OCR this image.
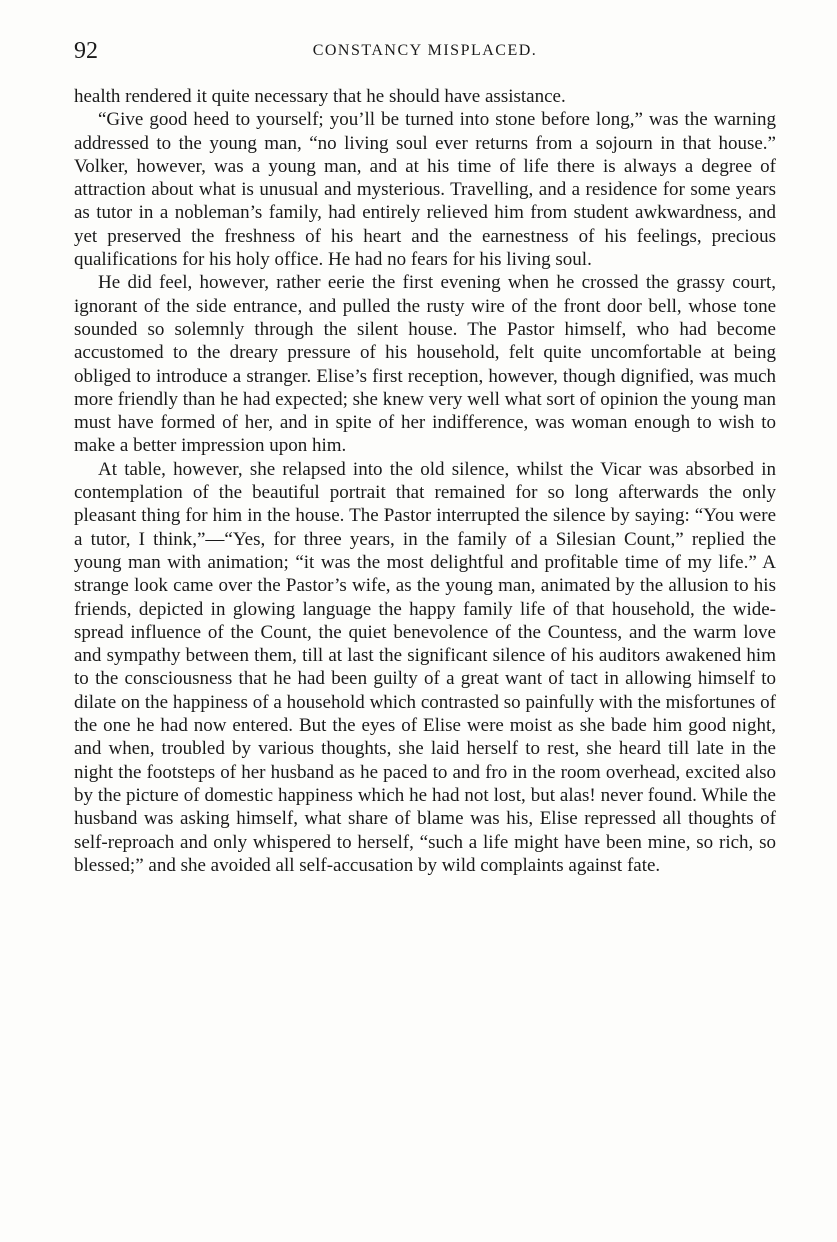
92	CONSTANCY MISPLACED.

health rendered it quite necessary that he should have assistance.

“Give good heed to yourself; you’ll be turned into stone before long,” was the warning addressed to the young man, “no living soul ever returns from a sojourn in that house.” Volker, however, was a young man, and at his time of life there is always a degree of attraction about what is unusual and mysterious. Travelling, and a residence for some years as tutor in a nobleman’s family, had entirely relieved him from student awkwardness, and yet preserved the freshness of his heart and the earnestness of his feelings, precious qualifications for his holy office. He had no fears for his living soul.

He did feel, however, rather eerie the first evening when he crossed the grassy court, ignorant of the side entrance, and pulled the rusty wire of the front door bell, whose tone sounded so solemnly through the silent house. The Pastor himself, who had become accustomed to the dreary pressure of his household, felt quite uncomfortable at being obliged to introduce a stranger. Elise’s first reception, however, though dignified, was much more friendly than he had expected; she knew very well what sort of opinion the young man must have formed of her, and in spite of her indifference, was woman enough to wish to make a better impression upon him.

At table, however, she relapsed into the old silence, whilst the Vicar was absorbed in contemplation of the beautiful portrait that remained for so long afterwards the only pleasant thing for him in the house. The Pastor interrupted the silence by saying: “You were a tutor, I think,”—“Yes, for three years, in the family of a Silesian Count,” replied the young man with animation; “it was the most delightful and profitable time of my life.” A strange look came over the Pastor’s wife, as the young man, animated by the allusion to his friends, depicted in glowing language the happy family life of that household, the wide-spread influence of the Count, the quiet benevolence of the Countess, and the warm love and sympathy between them, till at last the significant silence of his auditors awakened him to the consciousness that he had been guilty of a great want of tact in allowing himself to dilate on the happiness of a household which contrasted so painfully with the misfortunes of the one he had now entered. But the eyes of Elise were moist as she bade him good night, and when, troubled by various thoughts, she laid herself to rest, she heard till late in the night the footsteps of her husband as he paced to and fro in the room overhead, excited also by the picture of domestic happiness which he had not lost, but alas! never found. While the husband was asking himself, what share of blame was his, Elise repressed all thoughts of self-reproach and only whispered to herself, “such a life might have been mine, so rich, so blessed;” and she avoided all self-accusation by wild complaints against fate.
